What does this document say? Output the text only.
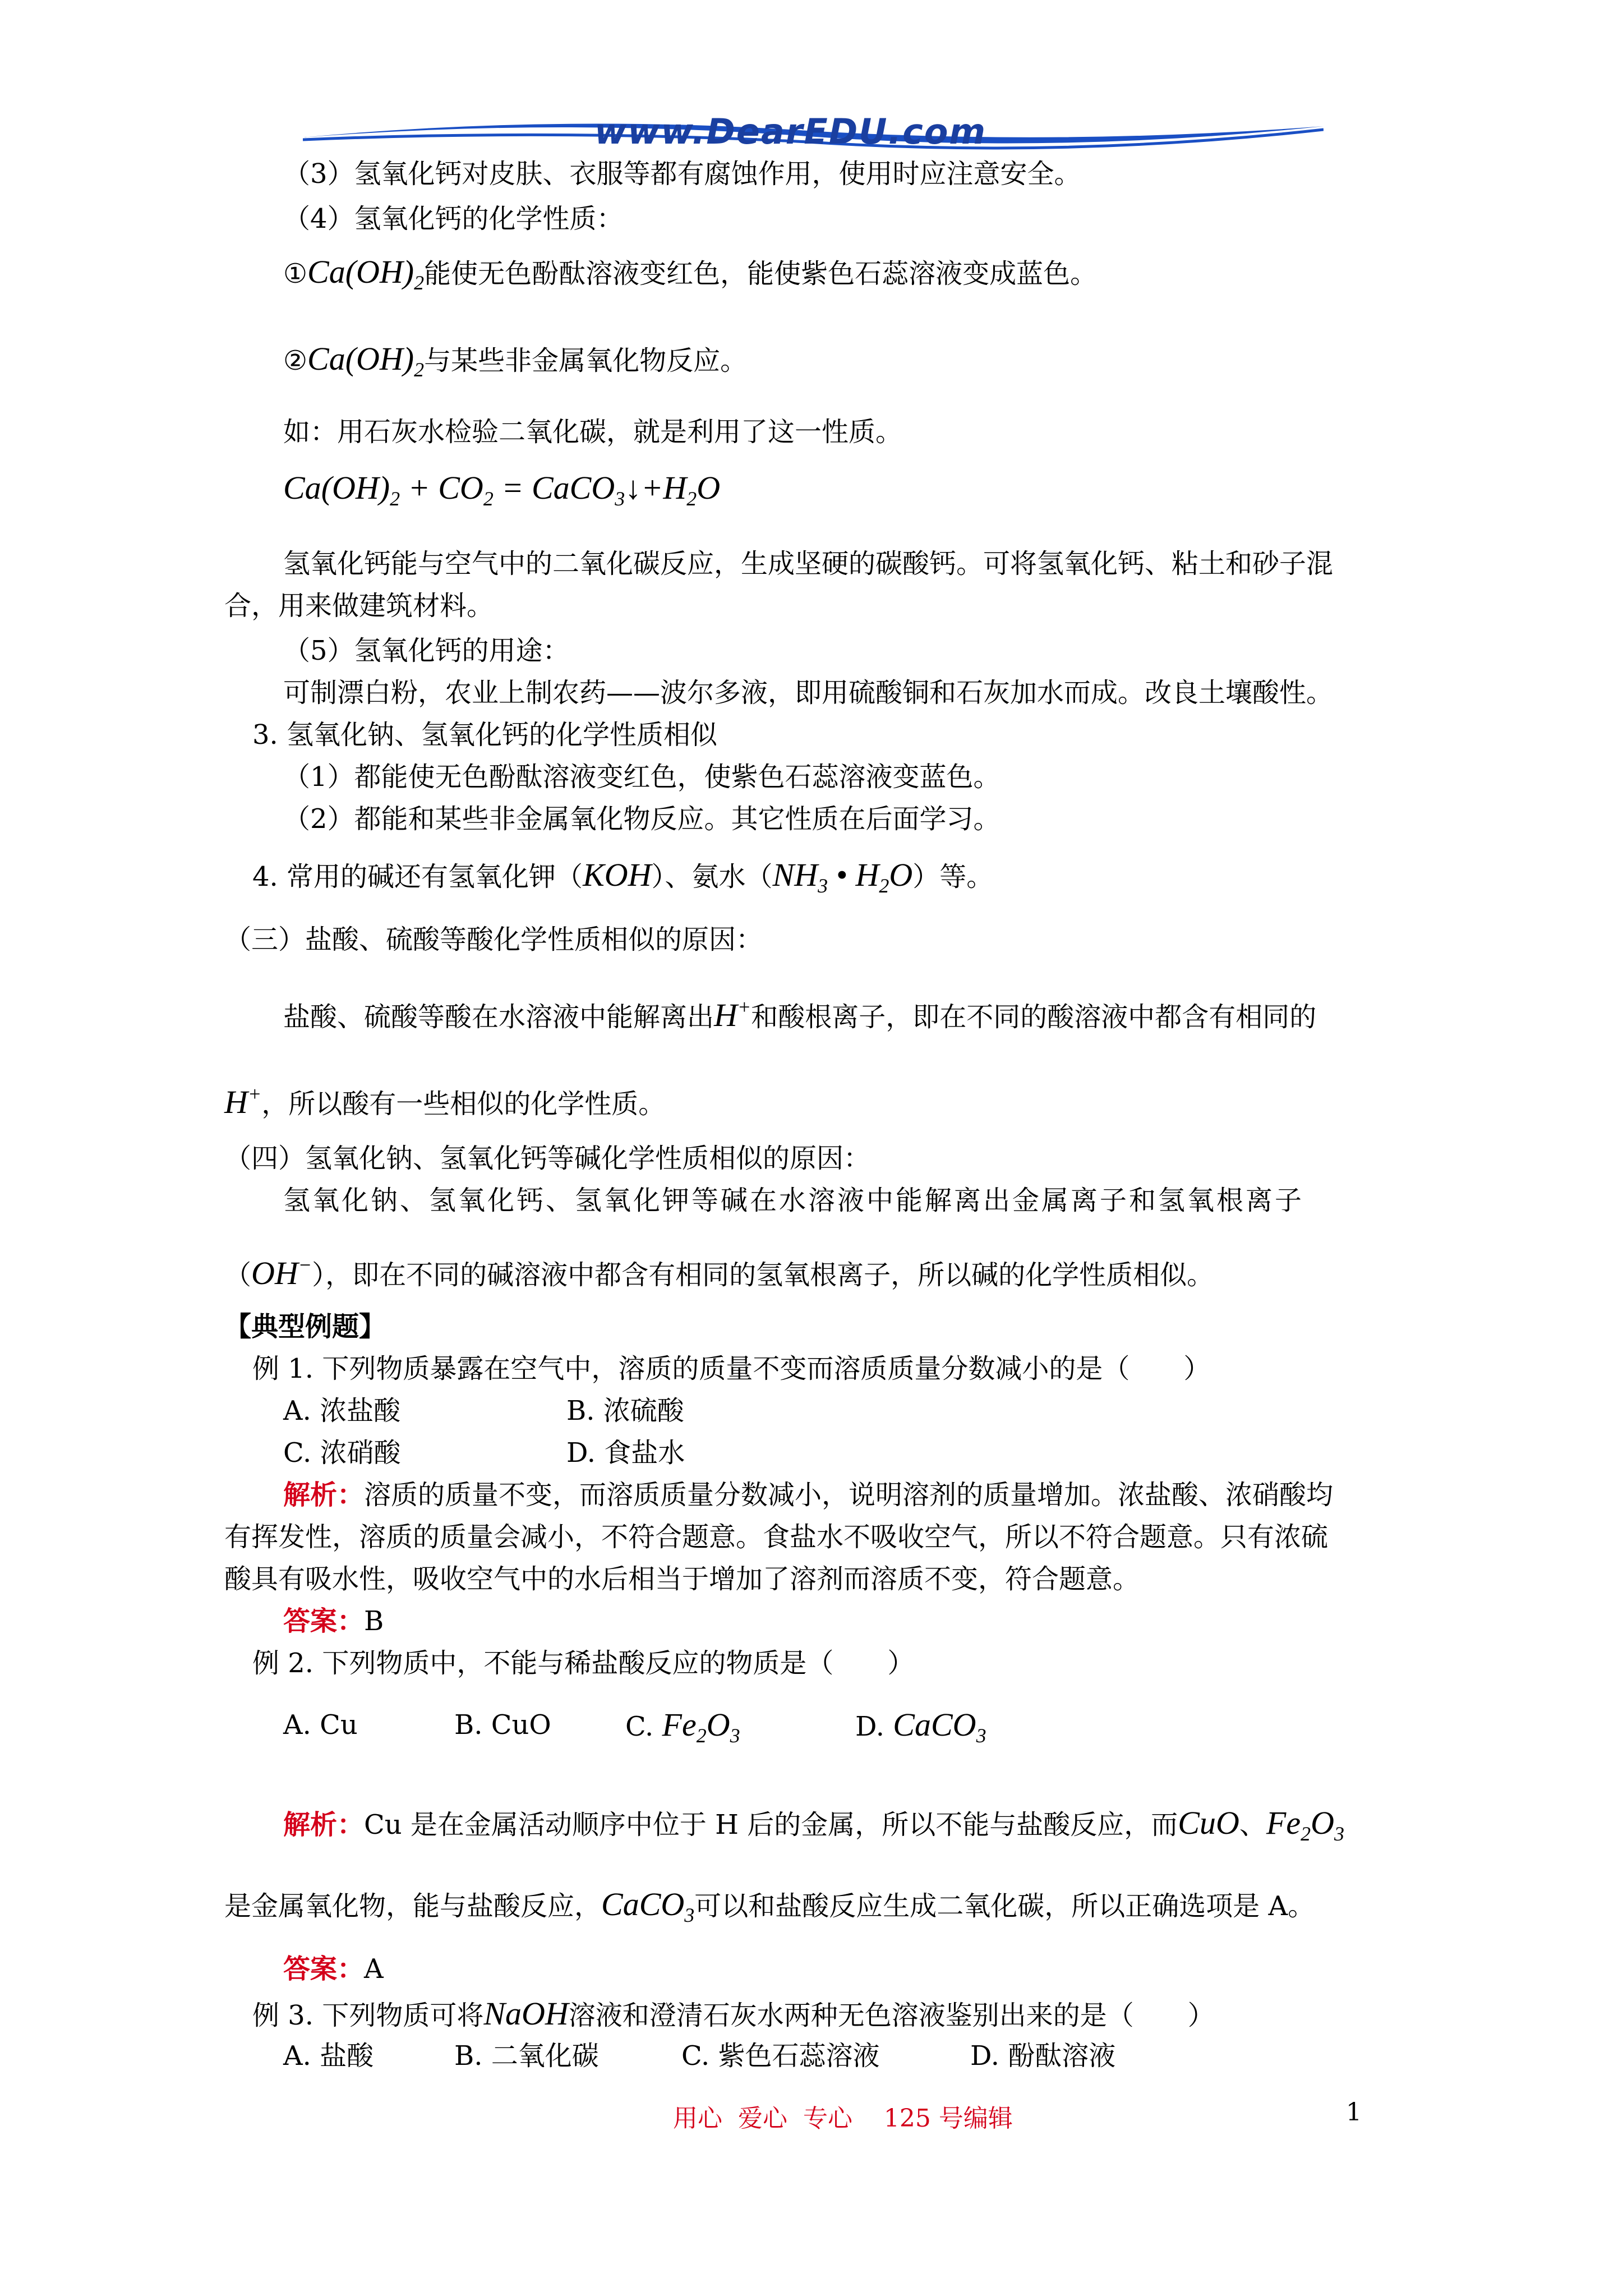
www.DearEDU.com
（3）氢氧化钙对皮肤、衣服等都有腐蚀作用，使用时应注意安全。
（4）氢氧化钙的化学性质：
$①Ca(OH)_2$能使无色酚酞溶液变红色，能使紫色石蕊溶液变成蓝色。
$②Ca(OH)_2$与某些非金属氧化物反应。
如：用石灰水检验二氧化碳，就是利用了这一性质。
$Ca(OH)_2 + CO_2$ = $CaCO_3↓+H_2O$
氢氧化钙能与空气中的二氧化碳反应，生成坚硬的碳酸钙。可将氢氧化钙、粘土和砂子混
合，用来做建筑材料。
（5）氢氧化钙的用途：
可制漂白粉，农业上制农药——波尔多液，即用硫酸铜和石灰加水而成。改良土壤酸性。
3. 氢氧化钠、氢氧化钙的化学性质相似
（1）都能使无色酚酞溶液变红色，使紫色石蕊溶液变蓝色。
（2）都能和某些非金属氧化物反应。其它性质在后面学习。
4. 常用的碱还有氢氧化钾（KOH）、氨水（$NH_3$ • $H_2O$）等。
（三）盐酸、硫酸等酸化学性质相似的原因：
盐酸、硫酸等酸在水溶液中能解离出H+和酸根离子，即在不同的酸溶液中都含有相同的
H+，所以酸有一些相似的化学性质。
（四）氢氧化钠、氢氧化钙等碱化学性质相似的原因：
氢氧化钠、氢氧化钙、氢氧化钾等碱在水溶液中能解离出金属离子和氢氧根离子
（OH−），即在不同的碱溶液中都含有相同的氢氧根离子，所以碱的化学性质相似。
【典型例题】
例 1. 下列物质暴露在空气中，溶质的质量不变而溶质质量分数减小的是（　　）
A. 浓盐酸	B. 浓硫酸
C. 浓硝酸	D. 食盐水
解析：溶质的质量不变，而溶质质量分数减小，说明溶剂的质量增加。浓盐酸、浓硝酸均
有挥发性，溶质的质量会减小，不符合题意。食盐水不吸收空气，所以不符合题意。只有浓硫
酸具有吸水性，吸收空气中的水后相当于增加了溶剂而溶质不变，符合题意。
答案：B
例 2. 下列物质中，不能与稀盐酸反应的物质是（　　）
A. Cu	B. CuO	C. $Fe_2O_3$	D. CaCO$_3$
解析：Cu 是在金属活动顺序中位于 H 后的金属，所以不能与盐酸反应，而CuO、$Fe_2O_3$
是金属氧化物，能与盐酸反应，CaCO$_3$可以和盐酸反应生成二氧化碳，所以正确选项是 A。
答案：A
例 3. 下列物质可将NaOH溶液和澄清石灰水两种无色溶液鉴别出来的是（　　）
A. 盐酸	B. 二氧化碳	C. 紫色石蕊溶液	D. 酚酞溶液
用心  爱心  专心    125 号编辑	1
